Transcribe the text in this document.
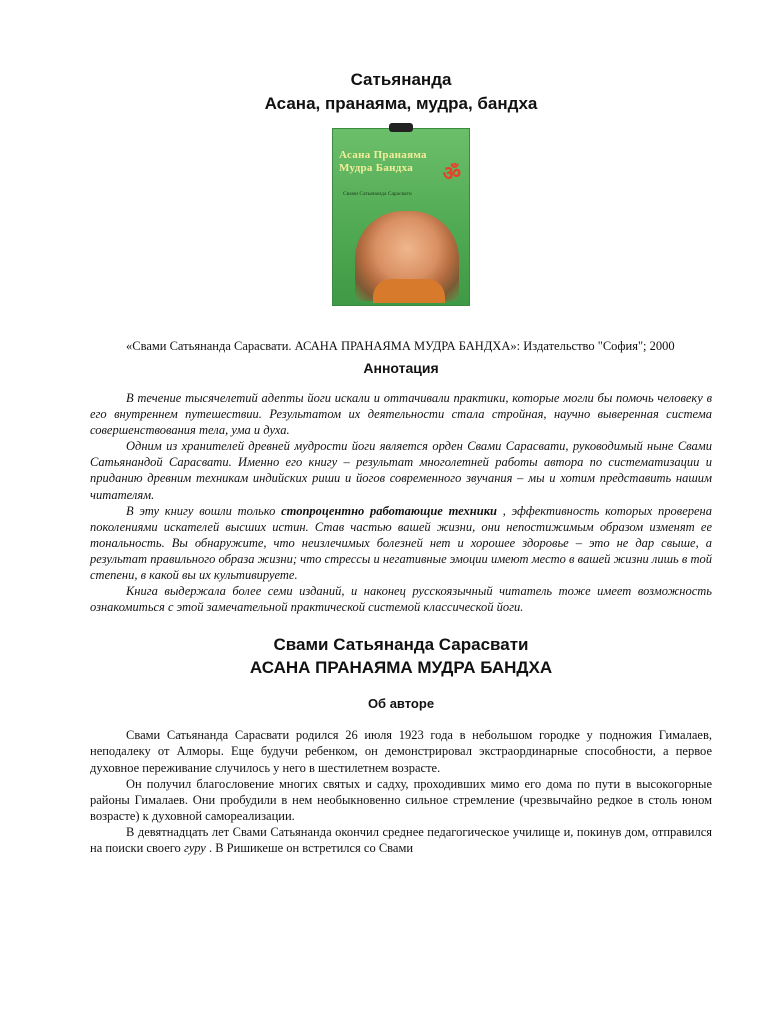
Сатьянанда

Асана, пранаяма, мудра, бандха

Асана Пранаяма
Мудра Бандха	ॐ
Свами Сатьянанда Сарасвати

«Свами Сатьянанда Сарасвати. АСАНА ПРАНАЯМА МУДРА БАНДХА»: Издательство "София"; 2000

Аннотация

В течение тысячелетий адепты йоги искали и оттачивали практики, которые могли бы помочь человеку в его внутреннем путешествии. Результатом их деятельности стала стройная, научно выверенная система совершенствования тела, ума и духа.

Одним из хранителей древней мудрости йоги является орден Свами Сарасвати, руководимый ныне Свами Сатьянандой Сарасвати. Именно его книгу – результат многолетней работы автора по систематизации и приданию древним техникам индийских риши и йогов современного звучания – мы и хотим представить нашим читателям.

В эту книгу вошли только стопроцентно работающие техники , эффективность которых проверена поколениями искателей высших истин. Став частью вашей жизни, они непостижимым образом изменят ее тональность. Вы обнаружите, что неизлечимых болезней нет и хорошее здоровье – это не дар свыше, а результат правильного образа жизни; что стрессы и негативные эмоции имеют место в вашей жизни лишь в той степени, в какой вы их культивируете.

Книга выдержала более семи изданий, и наконец русскоязычный читатель тоже имеет возможность ознакомиться с этой замечательной практической системой классической йоги.

Свами Сатьянанда Сарасвати

АСАНА ПРАНАЯМА МУДРА БАНДХА

Об авторе

Свами Сатьянанда Сарасвати родился 26 июля 1923 года в небольшом городке у подножия Гималаев, неподалеку от Алморы. Еще будучи ребенком, он демонстрировал экстраординарные способности, а первое духовное переживание случилось у него в шестилетнем возрасте.

Он получил благословение многих святых и садху, проходивших мимо его дома по пути в высокогорные районы Гималаев. Они пробудили в нем необыкновенно сильное стремление (чрезвычайно редкое в столь юном возрасте) к духовной самореализации.

В девятнадцать лет Свами Сатьянанда окончил среднее педагогическое училище и, покинув дом, отправился на поиски своего гуру . В Ришикеше он встретился со Свами
